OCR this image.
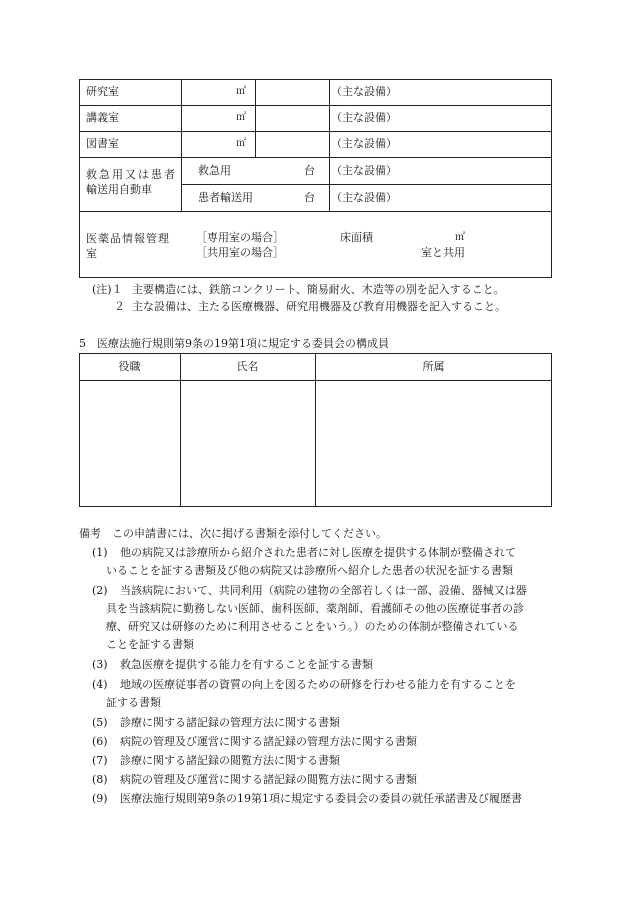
研究室	㎡	（主な設備）
講義室	㎡	（主な設備）
図書室	㎡	（主な設備）
救急用又は患者
輸送用自動車
救急用	台 （主な設備）
患者輸送用	台 （主な設備）
医薬品情報管理
室
［専用室の場合］	床面積	㎡
［共用室の場合］	室と共用
(注)１ 主要構造には、鉄筋コンクリート、簡易耐火、木造等の別を記入すること。
２ 主な設備は、主たる医療機器、研究用機器及び教育用機器を記入すること。
5　医療法施行規則第9条の19第1項に規定する委員会の構成員
役職	氏名	所属
備考　この申請書には、次に掲げる書類を添付してください。
(1) 他の病院又は診療所から紹介された患者に対し医療を提供する体制が整備されて
いることを証する書類及び他の病院又は診療所へ紹介した患者の状況を証する書類
(2) 当該病院において、共同利用（病院の建物の全部若しくは一部、設備、器械又は器
具を当該病院に勤務しない医師、歯科医師、薬剤師、看護師その他の医療従事者の診
療、研究又は研修のために利用させることをいう。）のための体制が整備されている
ことを証する書類
(3) 救急医療を提供する能力を有することを証する書類
(4) 地域の医療従事者の資質の向上を図るための研修を行わせる能力を有することを
証する書類
(5) 診療に関する諸記録の管理方法に関する書類
(6) 病院の管理及び運営に関する諸記録の管理方法に関する書類
(7) 診療に関する諸記録の閲覧方法に関する書類
(8) 病院の管理及び運営に関する諸記録の閲覧方法に関する書類
(9) 医療法施行規則第9条の19第1項に規定する委員会の委員の就任承諾書及び履歴書
